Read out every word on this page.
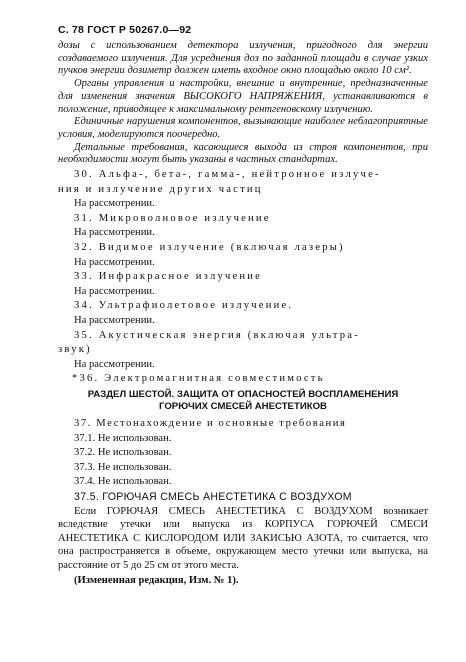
С. 78 ГОСТ Р 50267.0—92

дозы с использованием детектора излучения, пригодного для энергии создаваемого излучения. Для усреднения доз по заданной площади в случае узких пучков энергии дозиметр должен иметь входное окно площадью около 10 см².

Органы управления и настройки, внешние и внутренние, предназначенные для изменения значения ВЫСОКОГО НАПРЯЖЕНИЯ, устанавливаются в положение, приводящее к максимальному рентгеновскому излучению.

Единичные нарушения компонентов, вызывающие наиболее неблагоприятные условия, моделируются поочередно.

Детальные требования, касающиеся выхода из строя компонентов, при необходимости могут быть указаны в частных стандартах.

30. Альфа-, бета-, гамма-, нейтронное излуче-

ния и излучение других частиц

На рассмотрении.

31. Микроволновое излучение

На рассмотрении.

32. Видимое излучение (включая лазеры)

На рассмотрении.

33. Инфракрасное излучение

На рассмотрении.

34. Ультрафиолетовое излучение.

На рассмотрении.

35. Акустическая энергия (включая ультра-

звук)

На рассмотрении.

*36. Электромагнитная совместимость

РАЗДЕЛ ШЕСТОЙ. ЗАЩИТА ОТ ОПАСНОСТЕЙ ВОСПЛАМЕНЕНИЯ
ГОРЮЧИХ СМЕСЕЙ АНЕСТЕТИКОВ

37. Местонахождение и основные требования

37.1. Не использован.

37.2. Не использован.

37.3. Не использован.

37.4. Не использован.

37.5. ГОРЮЧАЯ СМЕСЬ АНЕСТЕТИКА С ВОЗДУХОМ

Если ГОРЮЧАЯ СМЕСЬ АНЕСТЕТИКА С ВОЗДУХОМ возникает вследствие утечки или выпуска из КОРПУСА ГОРЮЧЕЙ СМЕСИ АНЕСТЕТИКА С КИСЛОРОДОМ ИЛИ ЗАКИСЬЮ АЗОТА, то считается, что она распространяется в объеме, окружающем место утечки или выпуска, на расстояние от 5 до 25 см от этого места.

(Измененная редакция, Изм. № 1).
